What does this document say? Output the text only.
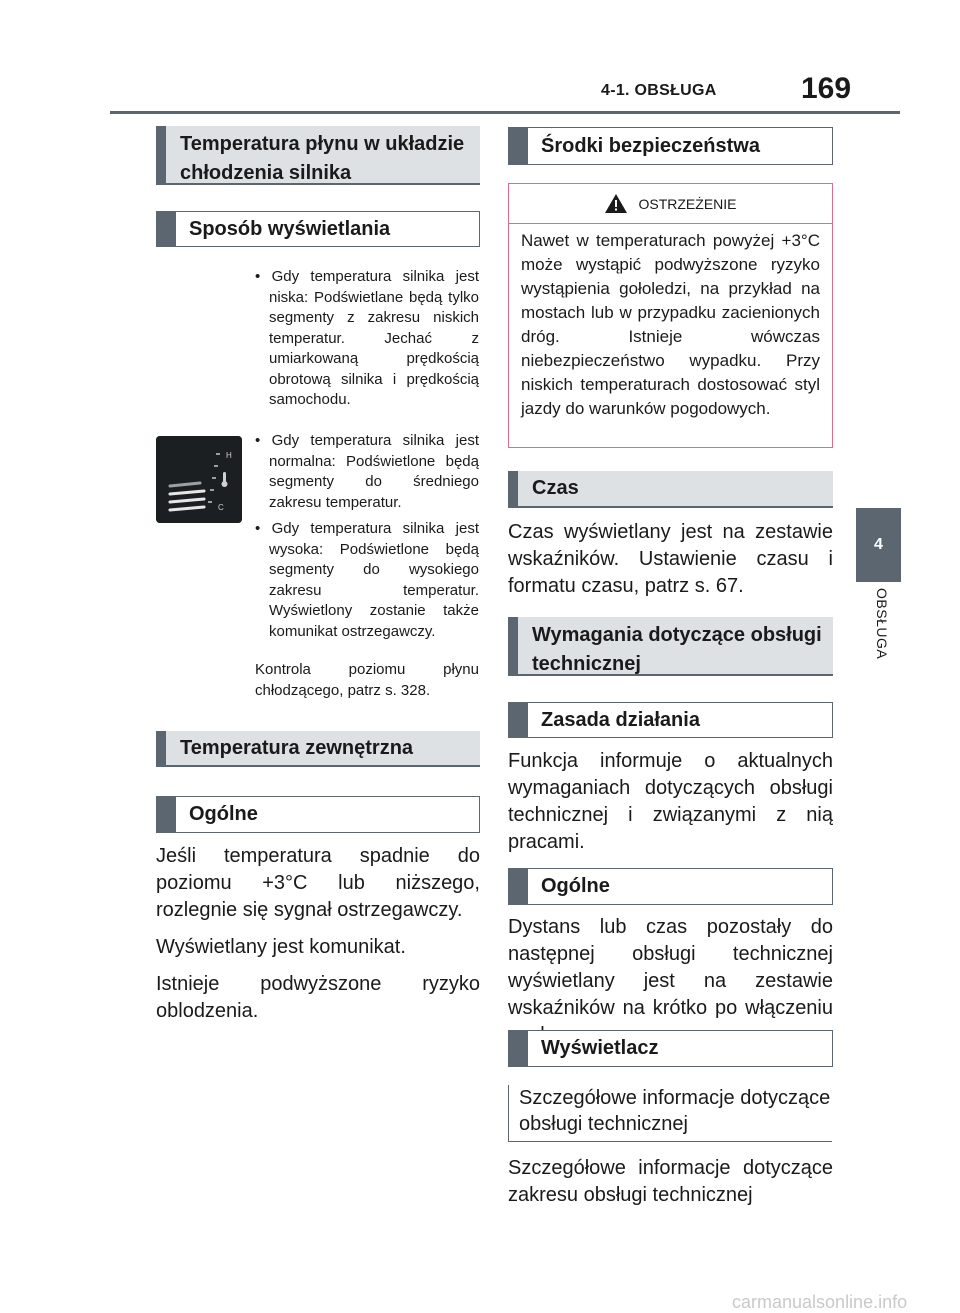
4-1. OBSŁUGA	169
4
OBSŁUGA
Temperatura płynu w układzie chłodzenia silnika
Sposób wyświetlania
• Gdy temperatura silnika jest niska: Podświetlane będą tylko segmenty z zakresu niskich temperatur. Jechać z umiarkowaną prędkością obrotową silnika i prędkością samochodu.
H
C
• Gdy temperatura silnika jest normalna: Podświetlone będą segmenty do średniego zakresu temperatur.
• Gdy temperatura silnika jest wysoka: Podświetlone będą segmenty do wysokiego zakresu temperatur. Wyświetlony zostanie także komunikat ostrzegawczy.
Kontrola poziomu płynu chłodzącego, patrz s. 328.
Temperatura zewnętrzna
Ogólne

Jeśli temperatura spadnie do poziomu +3°C lub niższego, rozlegnie się sygnał ostrzegawczy.

Wyświetlany jest komunikat.

Istnieje podwyższone ryzyko oblodzenia.

Środki bezpieczeństwa
OSTRZEŻENIE
Nawet w temperaturach powyżej +3°C może wystąpić podwyższone ryzyko wystąpienia gołoledzi, na przykład na mostach lub w przypadku zacienionych dróg. Istnieje wówczas niebezpieczeństwo wypadku. Przy niskich temperaturach dostosować styl jazdy do warunków pogodowych.
Czas
Czas wyświetlany jest na zestawie wskaźników. Ustawienie czasu i formatu czasu, patrz s. 67.
Wymagania dotyczące obsługi technicznej
Zasada działania
Funkcja informuje o aktualnych wymaganiach dotyczących obsługi technicznej i związanymi z nią pracami.
Ogólne
Dystans lub czas pozostały do następnej obsługi technicznej wyświetlany jest na zestawie wskaźników na krótko po włączeniu
Wyświetlacz
Szczegółowe informacje dotyczące obsługi technicznej
Szczegółowe informacje dotyczące zakresu obsługi technicznej
carmanualsonline.info
